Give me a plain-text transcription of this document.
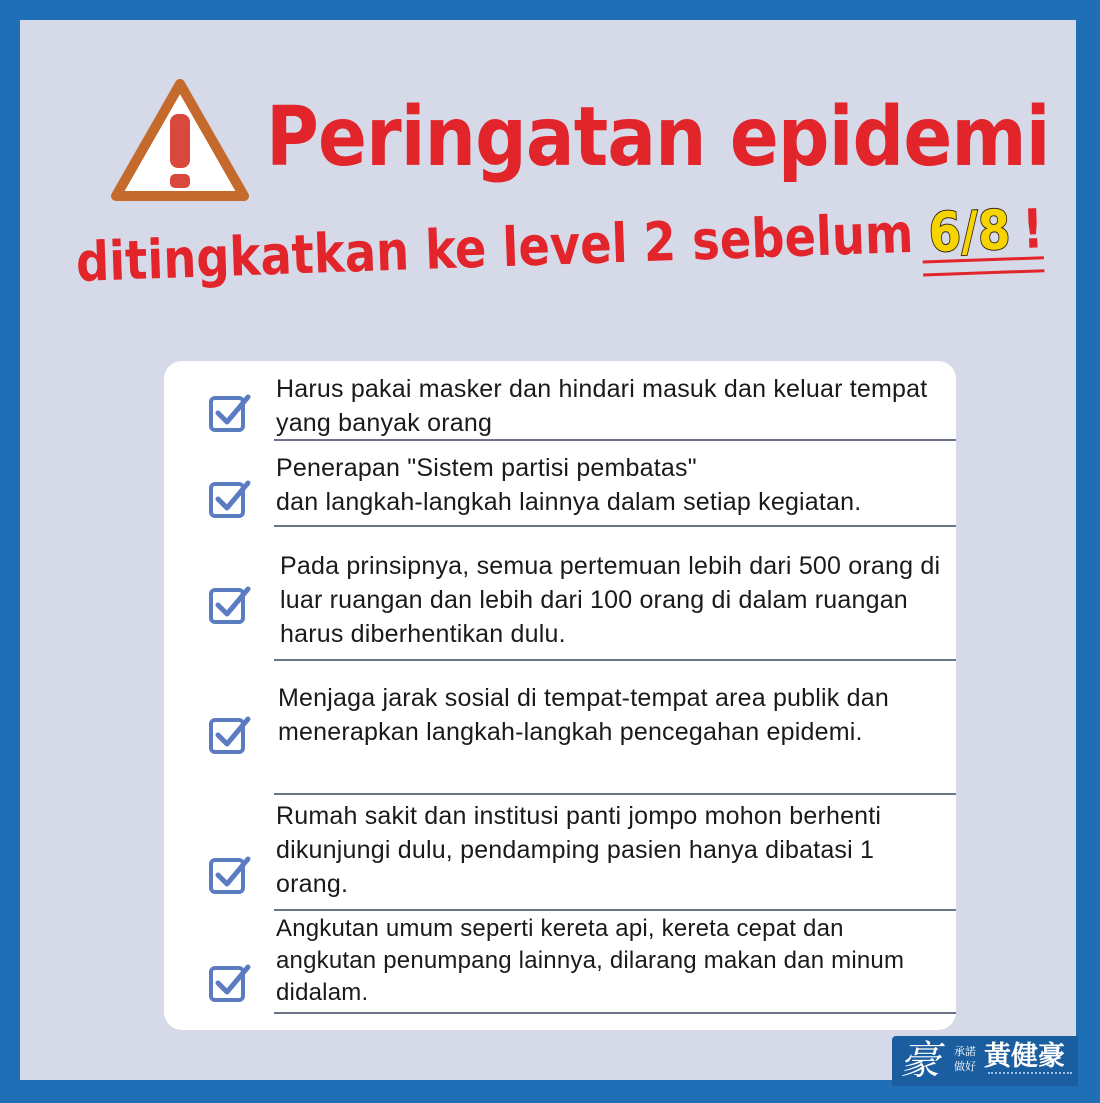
Peringatan epidemi
ditingkatkan ke level 2 sebelum 6/8 !
Harus pakai masker dan hindari masuk dan keluar tempat yang banyak orang
Penerapan "Sistem partisi pembatas"
dan langkah-langkah lainnya dalam setiap kegiatan.
Pada prinsipnya, semua pertemuan lebih dari 500 orang di luar ruangan dan lebih dari 100 orang di dalam ruangan harus diberhentikan dulu.
Menjaga jarak sosial di tempat-tempat area publik dan menerapkan langkah-langkah pencegahan epidemi.
Rumah sakit dan institusi panti jompo mohon berhenti dikunjungi dulu, pendamping pasien hanya dibatasi 1 orang.
Angkutan umum seperti kereta api, kereta cepat dan angkutan penumpang lainnya, dilarang makan dan minum didalam.
豪	承諾做好 黃健豪
